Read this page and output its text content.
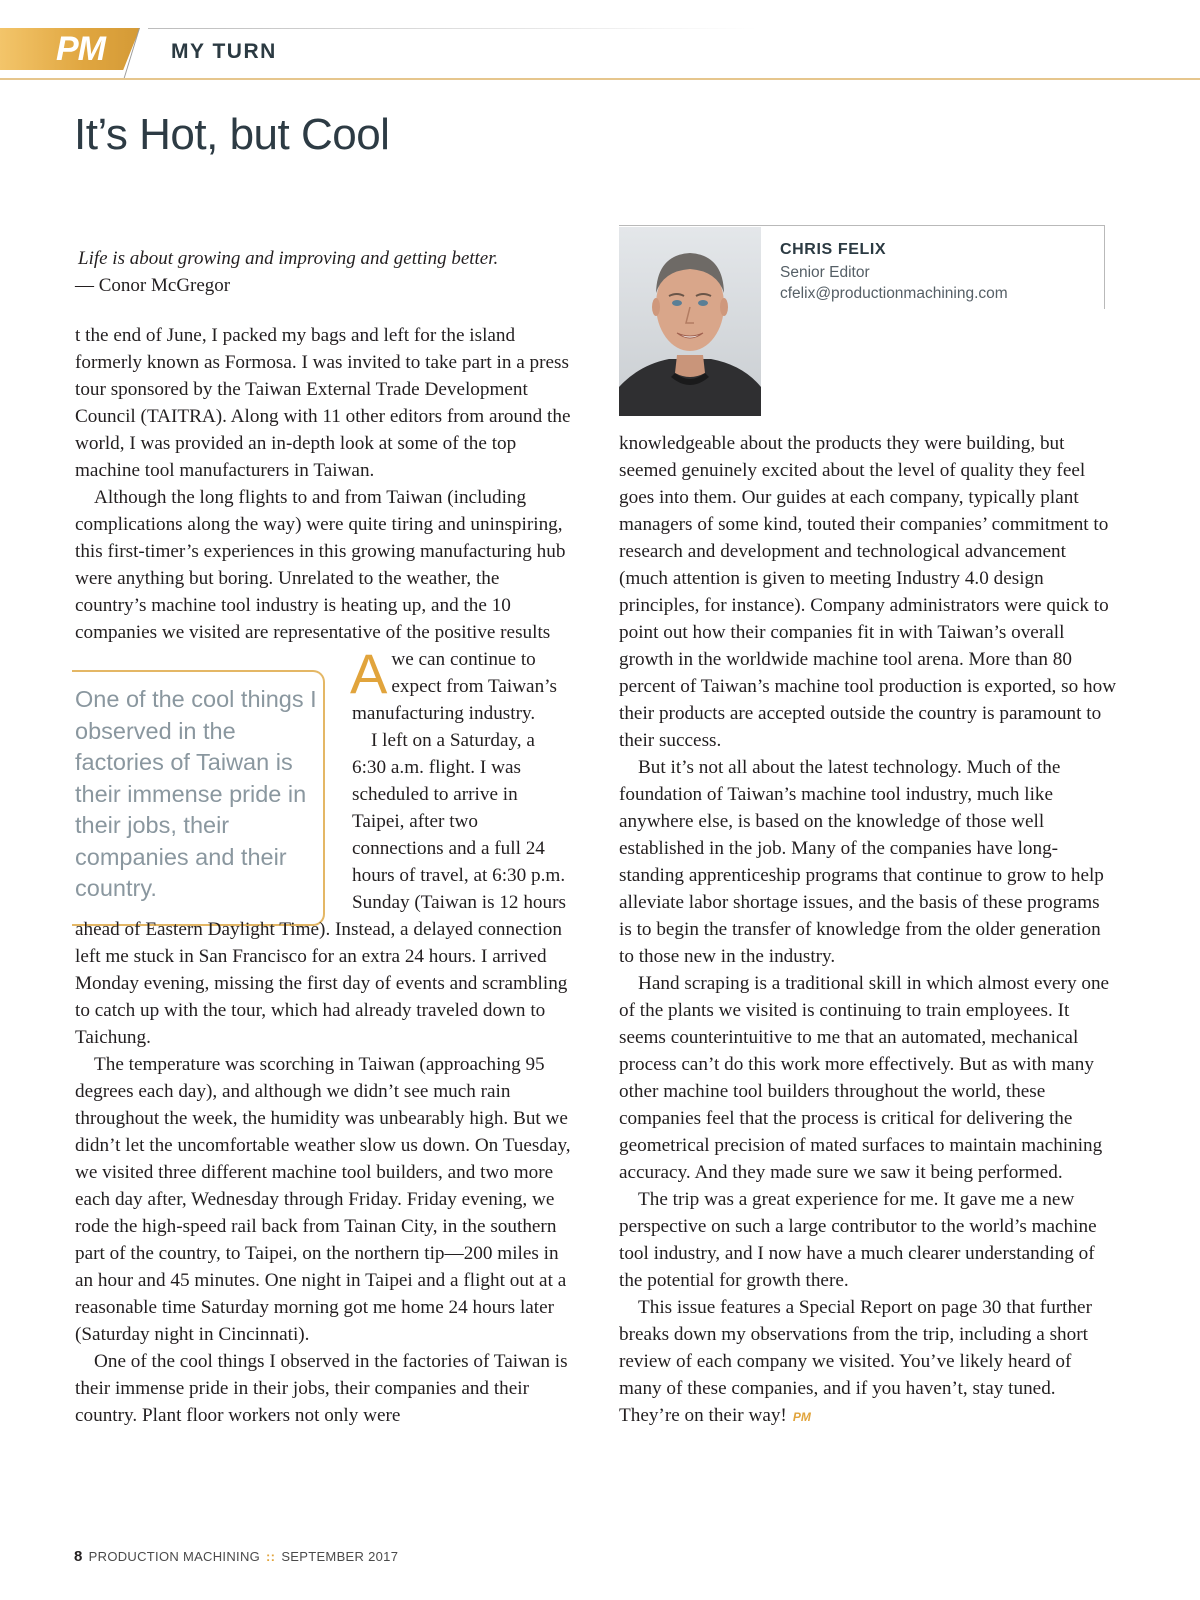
PM	MY TURN
It’s Hot, but Cool
Life is about growing and improving and getting better.
— Conor McGregor
CHRIS FELIX
Senior Editor
cfelix@productionmachining.com
One of the cool things I observed in the factories of Taiwan is their immense pride in their jobs, their companies and their country.

A
t the end of June, I packed my bags and left for the island formerly known as Formosa. I was invited to take part in a press tour sponsored by the Taiwan External Trade Development Council (TAITRA). Along with 11 other editors from around the world, I was provided an in-depth look at some of the top machine tool manufacturers in Taiwan.

Although the long flights to and from Taiwan (including complications along the way) were quite tiring and uninspiring, this first-timer’s experiences in this growing manufacturing hub were anything but boring. Unrelated to the weather, the country’s machine tool industry is heating up, and the 10 companies we visited are representative of the positive results we can continue to expect from Taiwan’s manufacturing industry.

I left on a Saturday, a 6:30 a.m. flight. I was scheduled to arrive in Taipei, after two connections and a full 24 hours of travel, at 6:30 p.m. Sunday (Taiwan is 12 hours ahead of Eastern Daylight Time). Instead, a delayed connection left me stuck in San Francisco for an extra 24 hours. I arrived Monday evening, missing the first day of events and scrambling to catch up with the tour, which had already traveled down to Taichung.

The temperature was scorching in Taiwan (approaching 95 degrees each day), and although we didn’t see much rain throughout the week, the humidity was unbearably high. But we didn’t let the uncomfortable weather slow us down. On Tuesday, we visited three different machine tool builders, and two more each day after, Wednesday through Friday. Friday evening, we rode the high-speed rail back from Tainan City, in the southern part of the country, to Taipei, on the northern tip—200 miles in an hour and 45 minutes. One night in Taipei and a flight out at a reasonable time Saturday morning got me home 24 hours later (Saturday night in Cincinnati).

One of the cool things I observed in the factories of Taiwan is their immense pride in their jobs, their companies and their country. Plant floor workers not only were

knowledgeable about the products they were building, but seemed genuinely excited about the level of quality they feel goes into them. Our guides at each company, typically plant managers of some kind, touted their companies’ commitment to research and development and technological advancement (much attention is given to meeting Industry 4.0 design principles, for instance). Company administrators were quick to point out how their companies fit in with Taiwan’s overall growth in the worldwide machine tool arena. More than 80 percent of Taiwan’s machine tool production is exported, so how their products are accepted outside the country is paramount to their success.

But it’s not all about the latest technology. Much of the foundation of Taiwan’s machine tool industry, much like anywhere else, is based on the knowledge of those well established in the job. Many of the companies have long-standing apprenticeship programs that continue to grow to help alleviate labor shortage issues, and the basis of these programs is to begin the transfer of knowledge from the older generation to those new in the industry.

Hand scraping is a traditional skill in which almost every one of the plants we visited is continuing to train employees. It seems counterintuitive to me that an automated, mechanical process can’t do this work more effectively. But as with many other machine tool builders throughout the world, these companies feel that the process is critical for delivering the geometrical precision of mated surfaces to maintain machining accuracy. And they made sure we saw it being performed.

The trip was a great experience for me. It gave me a new perspective on such a large contributor to the world’s machine tool industry, and I now have a much clearer understanding of the potential for growth there.

This issue features a Special Report on page 30 that further breaks down my observations from the trip, including a short review of each company we visited. You’ve likely heard of many of these companies, and if you haven’t, stay tuned. They’re on their way! PM

8 PRODUCTION MACHINING :: SEPTEMBER 2017
